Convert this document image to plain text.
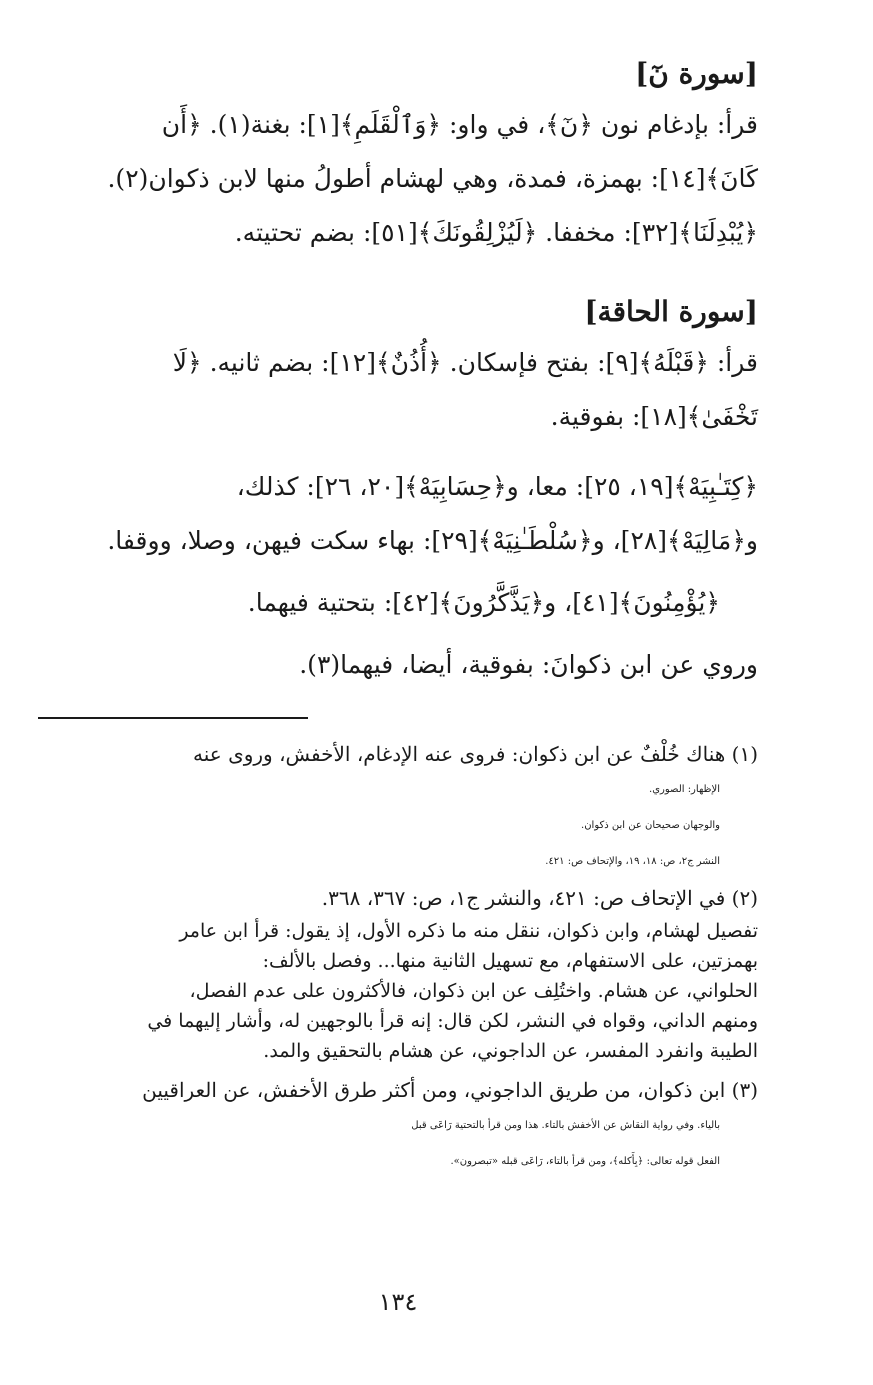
[سورة نٓ]
قرأ: بإدغام نون ﴿نٓ﴾، في واو: ﴿وَٱلْقَلَمِ﴾[١]: بغنة(١). ﴿أَن
كَانَ﴾[١٤]: بهمزة، فمدة، وهي لهشام أطولُ منها لابن ذكوان(٢).
﴿يُبْدِلَنَا﴾[٣٢]: مخففا. ﴿لَيُزْلِقُونَكَ﴾[٥١]: بضم تحتيته.
[سورة الحاقة]
قرأ: ﴿قَبْلَهُ﴾[٩]: بفتح فإسكان. ﴿أُذُنٌ﴾[١٢]: بضم ثانيه. ﴿لَا
تَخْفَىٰ﴾[١٨]: بفوقية.
﴿كِتَـٰبِيَهْ﴾[١٩، ٢٥]: معا، و﴿حِسَابِيَهْ﴾[٢٠، ٢٦]: كذلك،
و﴿مَالِيَهْ﴾[٢٨]، و﴿سُلْطَـٰنِيَهْ﴾[٢٩]: بهاء سكت فيهن، وصلا، ووقفا.
﴿يُؤْمِنُونَ﴾[٤١]، و﴿يَذَّكَّرُونَ﴾[٤٢]: بتحتية فيهما.
وروي عن ابن ذكوانَ: بفوقية، أيضا، فيهما(٣).
(١) هناك خُلْفٌ عن ابن ذكوان: فروى عنه الإدغام، الأخفش، وروى عنه
الإظهار: الصوري.
والوجهان صحيحان عن ابن ذكوان.
النشر ج٢، ص: ١٨، ١٩، والإتحاف ص: ٤٢١.
(٢) في الإتحاف ص: ٤٢١، والنشر ج١، ص: ٣٦٧، ٣٦٨.
تفصيل لهشام، وابن ذكوان، ننقل منه ما ذكره الأول، إذ يقول: قرأ ابن عامر
بهمزتين، على الاستفهام، مع تسهيل الثانية منها... وفصل بالألف:
الحلواني، عن هشام. واختُلِف عن ابن ذكوان، فالأكثرون على عدم الفصل،
ومنهم الداني، وقواه في النشر، لكن قال: إنه قرأ بالوجهين له، وأشار إليهما في
الطيبة وانفرد المفسر، عن الداجوني، عن هشام بالتحقيق والمد.
(٣) ابن ذكوان، من طريق الداجوني، ومن أكثر طرق الأخفش، عن العراقيين
بالياء. وفي رواية النقاش عن الأخفش بالتاء. هذا ومن قرأ بالتحتية رَاعَى قبل
الفعل قوله تعالى: ﴿بِأَكله﴾، ومن قرأ بالتاء، رَاعَى قبله «تبصرون».
١٣٤
